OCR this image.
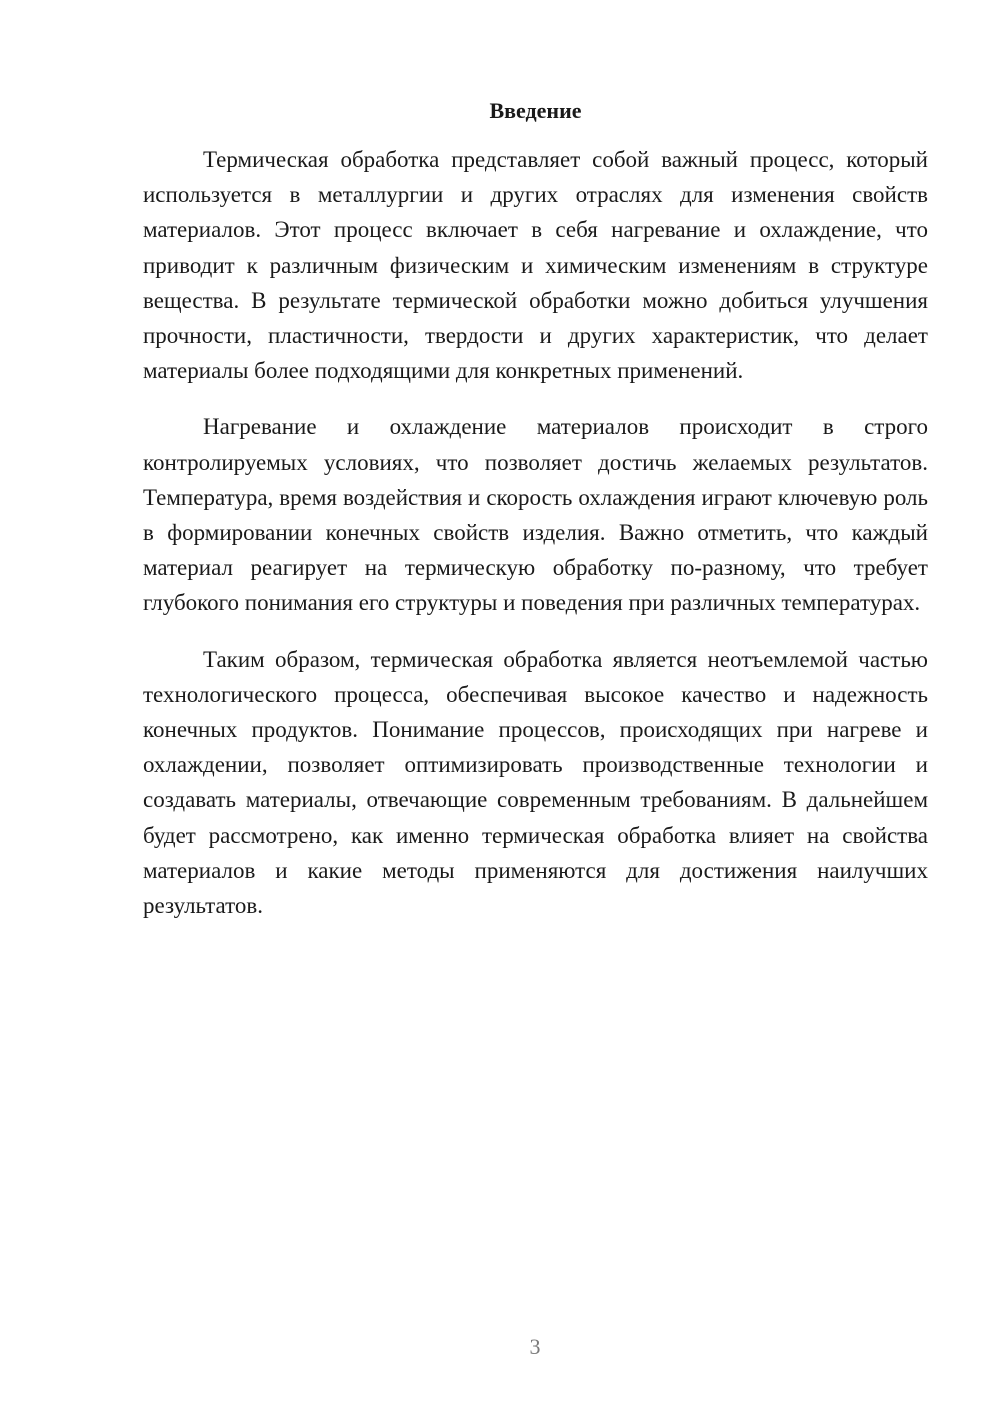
Введение

Термическая обработка представляет собой важный процесс, который используется в металлургии и других отраслях для изменения свойств материалов. Этот процесс включает в себя нагревание и охлаждение, что приводит к различным физическим и химическим изменениям в структуре вещества. В результате термической обработки можно добиться улучшения прочности, пластичности, твердости и других характеристик, что делает материалы более подходящими для конкретных применений.

Нагревание и охлаждение материалов происходит в строго контролируемых условиях, что позволяет достичь желаемых результатов. Температура, время воздействия и скорость охлаждения играют ключевую роль в формировании конечных свойств изделия. Важно отметить, что каждый материал реагирует на термическую обработку по-разному, что требует глубокого понимания его структуры и поведения при различных температурах.

Таким образом, термическая обработка является неотъемлемой частью технологического процесса, обеспечивая высокое качество и надежность конечных продуктов. Понимание процессов, происходящих при нагреве и охлаждении, позволяет оптимизировать производственные технологии и создавать материалы, отвечающие современным требованиям. В дальнейшем будет рассмотрено, как именно термическая обработка влияет на свойства материалов и какие методы применяются для достижения наилучших результатов.

3
